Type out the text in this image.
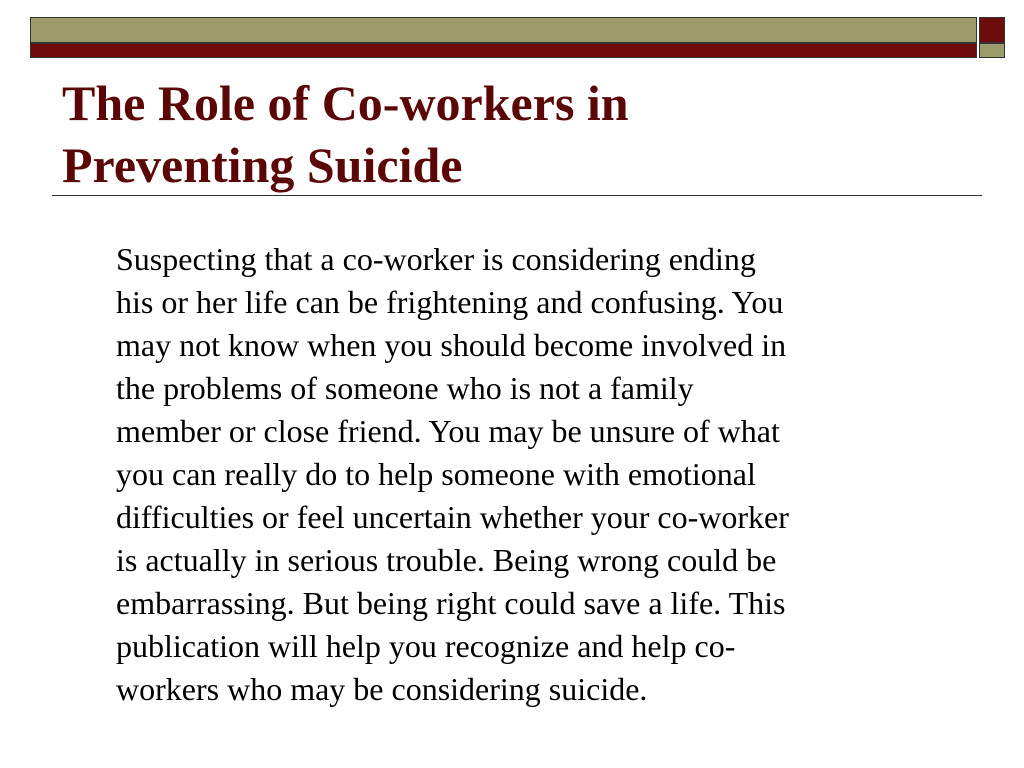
The Role of Co-workers in
Preventing Suicide

Suspecting that a co-worker is considering ending
his or her life can be frightening and confusing. You
may not know when you should become involved in
the problems of someone who is not a family
member or close friend. You may be unsure of what
you can really do to help someone with emotional
difficulties or feel uncertain whether your co-worker
is actually in serious trouble. Being wrong could be
embarrassing. But being right could save a life. This
publication will help you recognize and help co-
workers who may be considering suicide.
